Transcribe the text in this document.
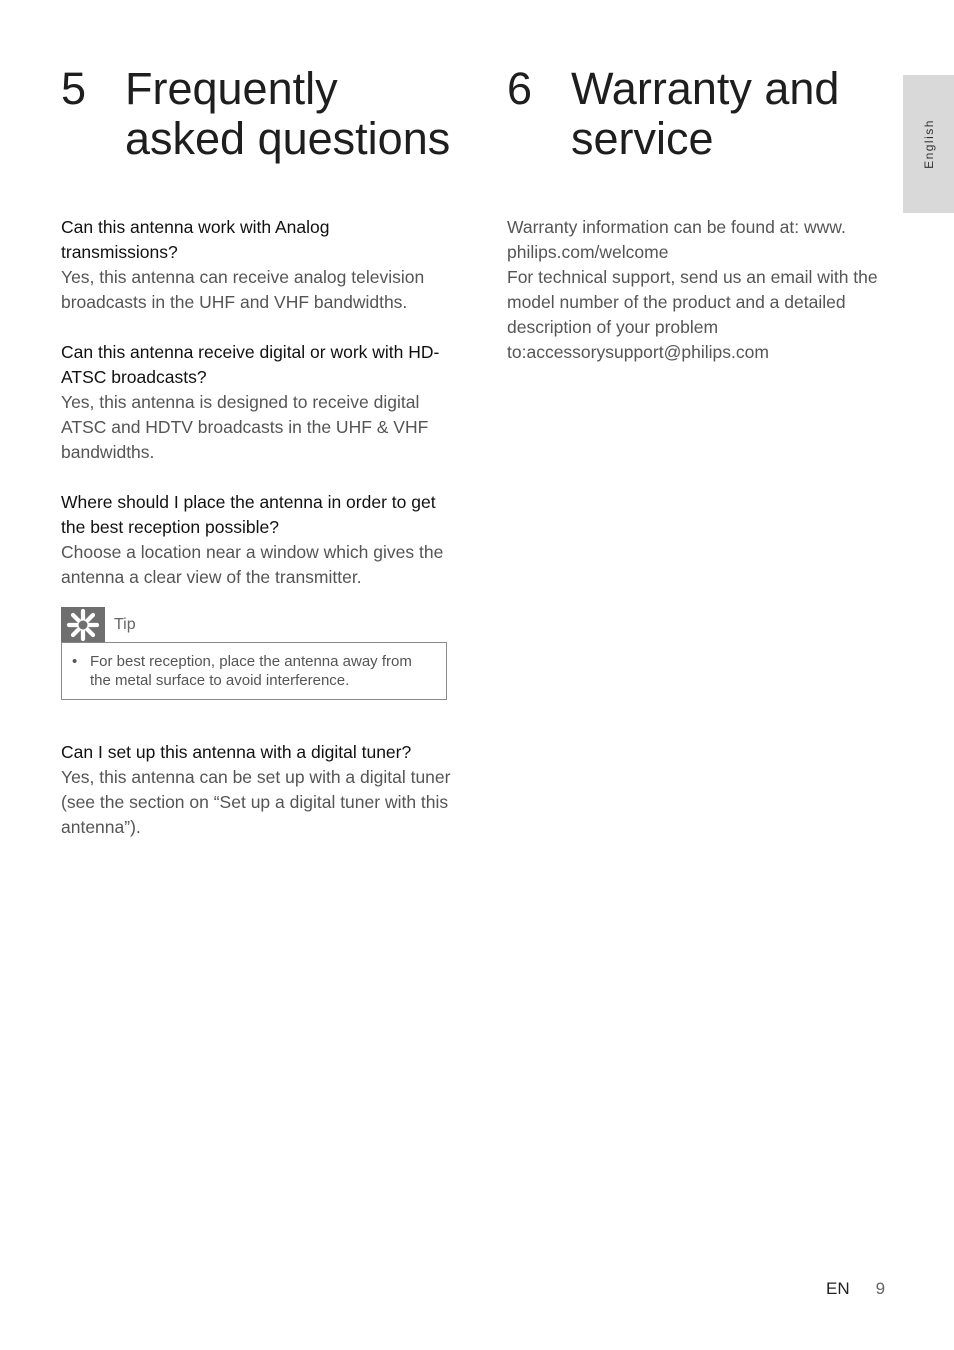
5 Frequently
asked questions
Can this antenna work with Analog transmissions?
Yes, this antenna can receive analog television broadcasts in the UHF and VHF bandwidths.
Can this antenna receive digital or work with HD-ATSC broadcasts?
Yes, this antenna is designed to receive digital ATSC and HDTV broadcasts in the UHF & VHF bandwidths.
Where should I place the antenna in order to get the best reception possible?
Choose a location near a window which gives the antenna a clear view of the transmitter.
Tip
• For best reception, place the antenna away from the metal surface to avoid interference.
Can I set up this antenna with a digital tuner?
Yes, this antenna can be set up with a digital tuner (see the section on “Set up a digital tuner with this antenna”).
6 Warranty and
service

Warranty information can be found at: www. philips.com/welcome

For technical support, send us an email with the model number of the product and a detailed description of your problem to:accessorysupport@philips.com

English
EN 9
